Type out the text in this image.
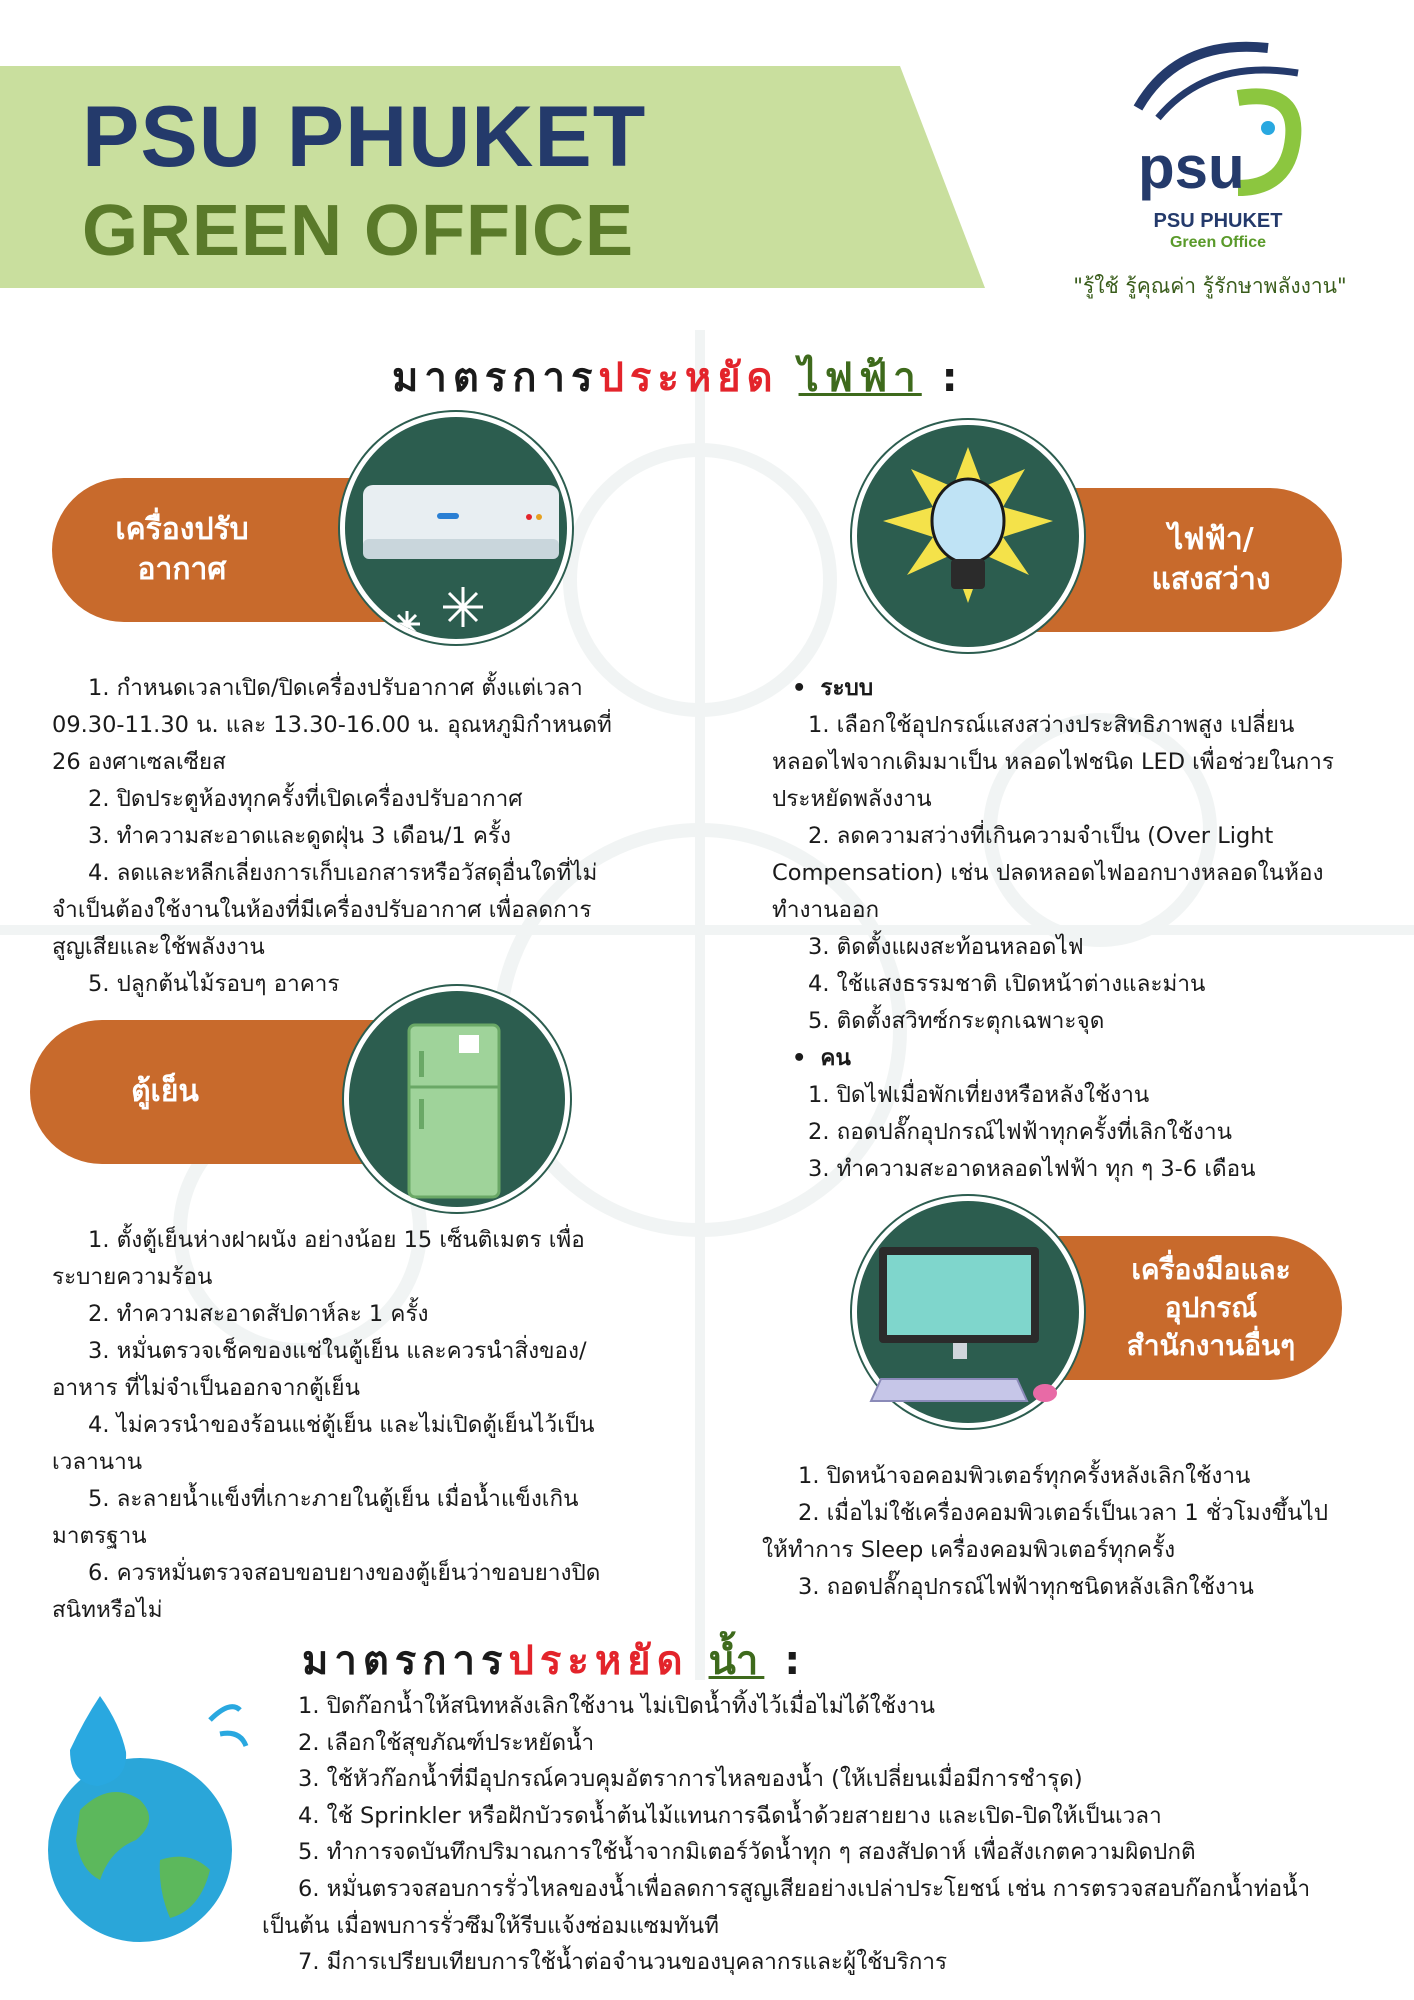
PSU PHUKET
GREEN OFFICE
psu
PSU PHUKET
Green Office
"รู้ใช้ รู้คุณค่า รู้รักษาพลังงาน"
มาตรการประหยัด ไฟฟ้า :
เครื่องปรับ
อากาศ
ไฟฟ้า/
แสงสว่าง

1. กำหนดเวลาเปิด/ปิดเครื่องปรับอากาศ ตั้งแต่เวลา 09.30-11.30 น. และ 13.30-16.00 น. อุณหภูมิกำหนดที่ 26 องศาเซลเซียส

2. ปิดประตูห้องทุกครั้งที่เปิดเครื่องปรับอากาศ

3. ทำความสะอาดและดูดฝุ่น 3 เดือน/1 ครั้ง

4. ลดและหลีกเลี่ยงการเก็บเอกสารหรือวัสดุอื่นใดที่ไม่จำเป็นต้องใช้งานในห้องที่มีเครื่องปรับอากาศ เพื่อลดการสูญเสียและใช้พลังงาน

5. ปลูกต้นไม้รอบๆ อาคาร

• ระบบ

1. เลือกใช้อุปกรณ์แสงสว่างประสิทธิภาพสูง เปลี่ยนหลอดไฟจากเดิมมาเป็น หลอดไฟชนิด LED เพื่อช่วยในการประหยัดพลังงาน

2. ลดความสว่างที่เกินความจำเป็น (Over Light Compensation) เช่น ปลดหลอดไฟออกบางหลอดในห้องทำงานออก

3. ติดตั้งแผงสะท้อนหลอดไฟ

4. ใช้แสงธรรมชาติ เปิดหน้าต่างและม่าน

5. ติดตั้งสวิทซ์กระตุกเฉพาะจุด

• คน

1. ปิดไฟเมื่อพักเที่ยงหรือหลังใช้งาน

2. ถอดปลั๊กอุปกรณ์ไฟฟ้าทุกครั้งที่เลิกใช้งาน

3. ทำความสะอาดหลอดไฟฟ้า ทุก ๆ 3-6 เดือน

ตู้เย็น

1. ตั้งตู้เย็นห่างฝาผนัง อย่างน้อย 15 เซ็นติเมตร เพื่อระบายความร้อน

2. ทำความสะอาดสัปดาห์ละ 1 ครั้ง

3. หมั่นตรวจเช็คของแช่ในตู้เย็น และควรนำสิ่งของ/อาหาร ที่ไม่จำเป็นออกจากตู้เย็น

4. ไม่ควรนำของร้อนแช่ตู้เย็น และไม่เปิดตู้เย็นไว้เป็นเวลานาน

5. ละลายน้ำแข็งที่เกาะภายในตู้เย็น เมื่อน้ำแข็งเกินมาตรฐาน

6. ควรหมั่นตรวจสอบขอบยางของตู้เย็นว่าขอบยางปิดสนิทหรือไม่

เครื่องมือและ
อุปกรณ์
สำนักงานอื่นๆ

1. ปิดหน้าจอคอมพิวเตอร์ทุกครั้งหลังเลิกใช้งาน

2. เมื่อไม่ใช้เครื่องคอมพิวเตอร์เป็นเวลา 1 ชั่วโมงขึ้นไป ให้ทำการ Sleep เครื่องคอมพิวเตอร์ทุกครั้ง

3. ถอดปลั๊กอุปกรณ์ไฟฟ้าทุกชนิดหลังเลิกใช้งาน

มาตรการประหยัด น้ำ :

1. ปิดก๊อกน้ำให้สนิทหลังเลิกใช้งาน ไม่เปิดน้ำทิ้งไว้เมื่อไม่ได้ใช้งาน

2. เลือกใช้สุขภัณฑ์ประหยัดน้ำ

3. ใช้หัวก๊อกน้ำที่มีอุปกรณ์ควบคุมอัตราการไหลของน้ำ (ให้เปลี่ยนเมื่อมีการชำรุด)

4. ใช้ Sprinkler หรือฝักบัวรดน้ำต้นไม้แทนการฉีดน้ำด้วยสายยาง และเปิด-ปิดให้เป็นเวลา

5. ทำการจดบันทึกปริมาณการใช้น้ำจากมิเตอร์วัดน้ำทุก ๆ สองสัปดาห์ เพื่อสังเกตความผิดปกติ

6. หมั่นตรวจสอบการรั่วไหลของน้ำเพื่อลดการสูญเสียอย่างเปล่าประโยชน์ เช่น การตรวจสอบก๊อกน้ำท่อน้ำ เป็นต้น เมื่อพบการรั่วซึมให้รีบแจ้งซ่อมแซมทันที

7. มีการเปรียบเทียบการใช้น้ำต่อจำนวนของบุคลากรและผู้ใช้บริการ
